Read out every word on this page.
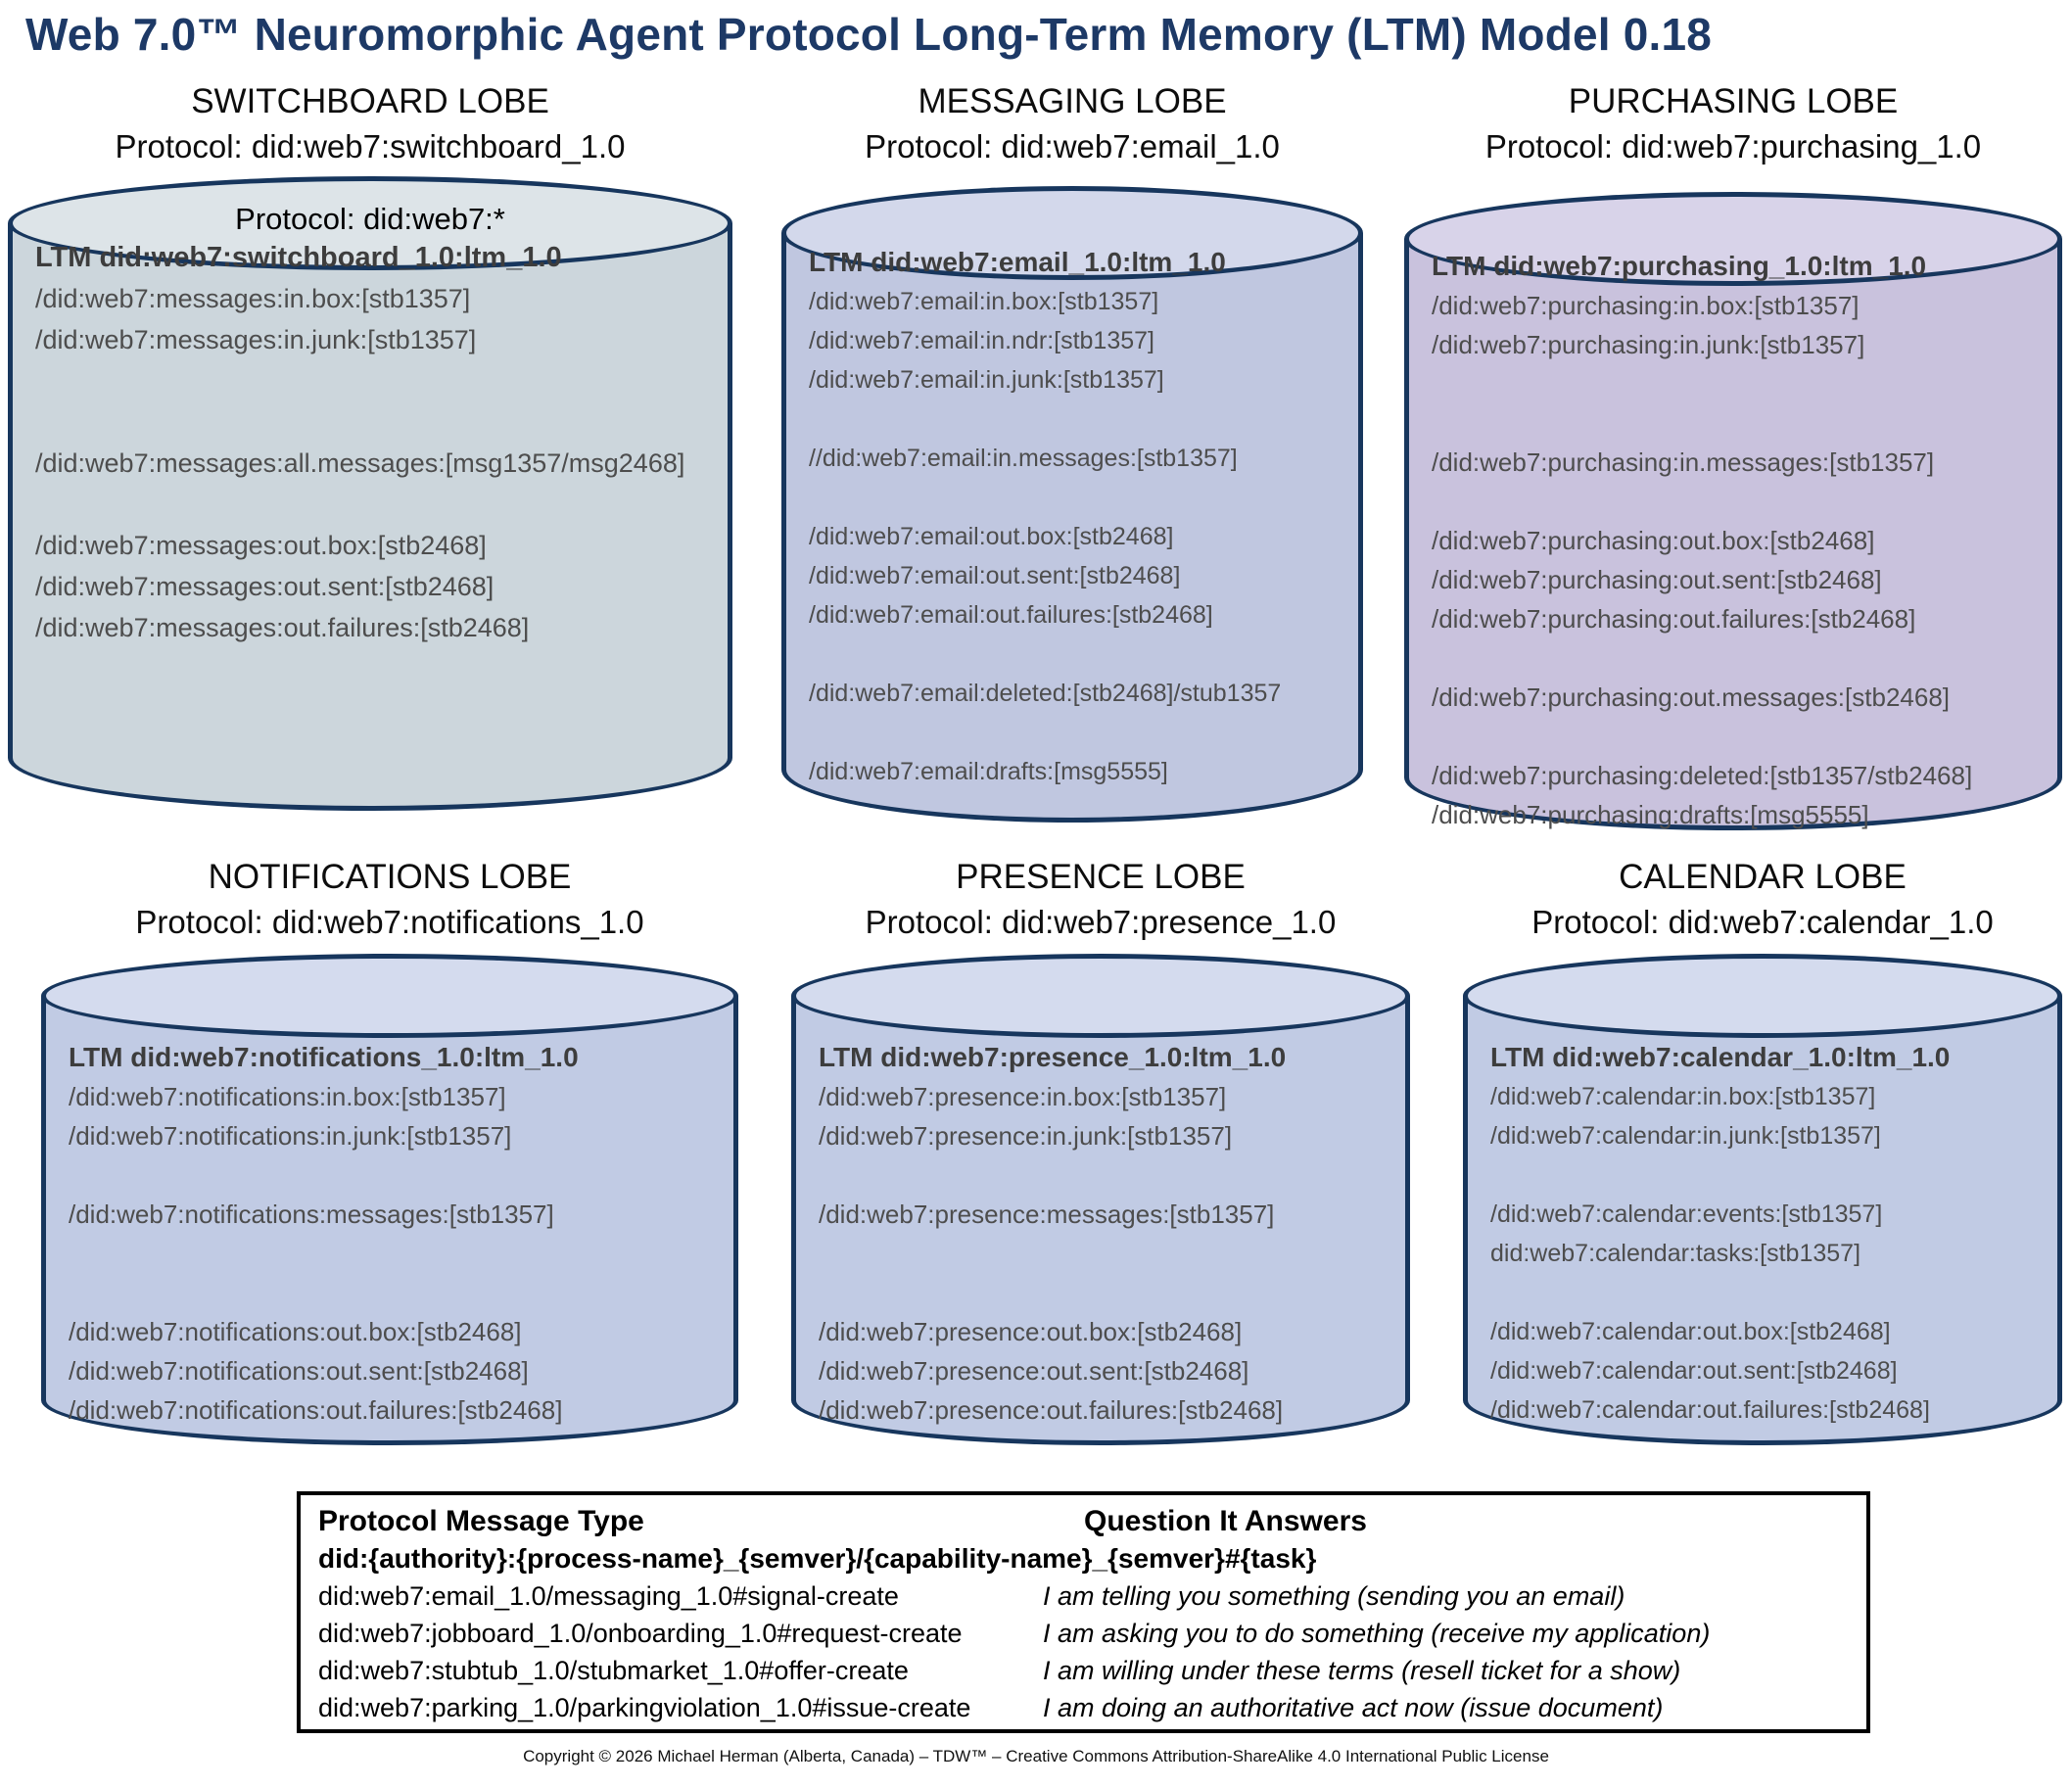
Web 7.0™ Neuromorphic Agent Protocol Long-Term Memory (LTM) Model 0.18
SWITCHBOARD LOBE
Protocol: did:web7:switchboard_1.0
Protocol: did:web7:*
LTM did:web7:switchboard_1.0:ltm_1.0
/did:web7:messages:in.box:[stb1357]
/did:web7:messages:in.junk:[stb1357]
/did:web7:messages:all.messages:[msg1357/msg2468]
/did:web7:messages:out.box:[stb2468]
/did:web7:messages:out.sent:[stb2468]
/did:web7:messages:out.failures:[stb2468]
MESSAGING LOBE
Protocol: did:web7:email_1.0
LTM did:web7:email_1.0:ltm_1.0
/did:web7:email:in.box:[stb1357]
/did:web7:email:in.ndr:[stb1357]
/did:web7:email:in.junk:[stb1357]
//did:web7:email:in.messages:[stb1357]
/did:web7:email:out.box:[stb2468]
/did:web7:email:out.sent:[stb2468]
/did:web7:email:out.failures:[stb2468]
/did:web7:email:deleted:[stb2468]/stub1357
/did:web7:email:drafts:[msg5555]
PURCHASING LOBE
Protocol: did:web7:purchasing_1.0
LTM did:web7:purchasing_1.0:ltm_1.0
/did:web7:purchasing:in.box:[stb1357]
/did:web7:purchasing:in.junk:[stb1357]
/did:web7:purchasing:in.messages:[stb1357]
/did:web7:purchasing:out.box:[stb2468]
/did:web7:purchasing:out.sent:[stb2468]
/did:web7:purchasing:out.failures:[stb2468]
/did:web7:purchasing:out.messages:[stb2468]
/did:web7:purchasing:deleted:[stb1357/stb2468]
/did:web7:purchasing:drafts:[msg5555]
NOTIFICATIONS LOBE
Protocol: did:web7:notifications_1.0
LTM did:web7:notifications_1.0:ltm_1.0
/did:web7:notifications:in.box:[stb1357]
/did:web7:notifications:in.junk:[stb1357]
/did:web7:notifications:messages:[stb1357]
/did:web7:notifications:out.box:[stb2468]
/did:web7:notifications:out.sent:[stb2468]
/did:web7:notifications:out.failures:[stb2468]
PRESENCE LOBE
Protocol: did:web7:presence_1.0
LTM did:web7:presence_1.0:ltm_1.0
/did:web7:presence:in.box:[stb1357]
/did:web7:presence:in.junk:[stb1357]
/did:web7:presence:messages:[stb1357]
/did:web7:presence:out.box:[stb2468]
/did:web7:presence:out.sent:[stb2468]
/did:web7:presence:out.failures:[stb2468]
CALENDAR LOBE
Protocol: did:web7:calendar_1.0
LTM did:web7:calendar_1.0:ltm_1.0
/did:web7:calendar:in.box:[stb1357]
/did:web7:calendar:in.junk:[stb1357]
/did:web7:calendar:events:[stb1357]
did:web7:calendar:tasks:[stb1357]
/did:web7:calendar:out.box:[stb2468]
/did:web7:calendar:out.sent:[stb2468]
/did:web7:calendar:out.failures:[stb2468]
Protocol Message Type	Question It Answers
did:{authority}:{process-name}_{semver}/{capability-name}_{semver}#{task}
did:web7:email_1.0/messaging_1.0#signal-create	I am telling you something (sending you an email)
did:web7:jobboard_1.0/onboarding_1.0#request-create	I am asking you to do something (receive my application)
did:web7:stubtub_1.0/stubmarket_1.0#offer-create	I am willing under these terms (resell ticket for a show)
did:web7:parking_1.0/parkingviolation_1.0#issue-create	I am doing an authoritative act now (issue document)
Copyright © 2026 Michael Herman (Alberta, Canada) – TDW™ – Creative Commons Attribution-ShareAlike 4.0 International Public License
